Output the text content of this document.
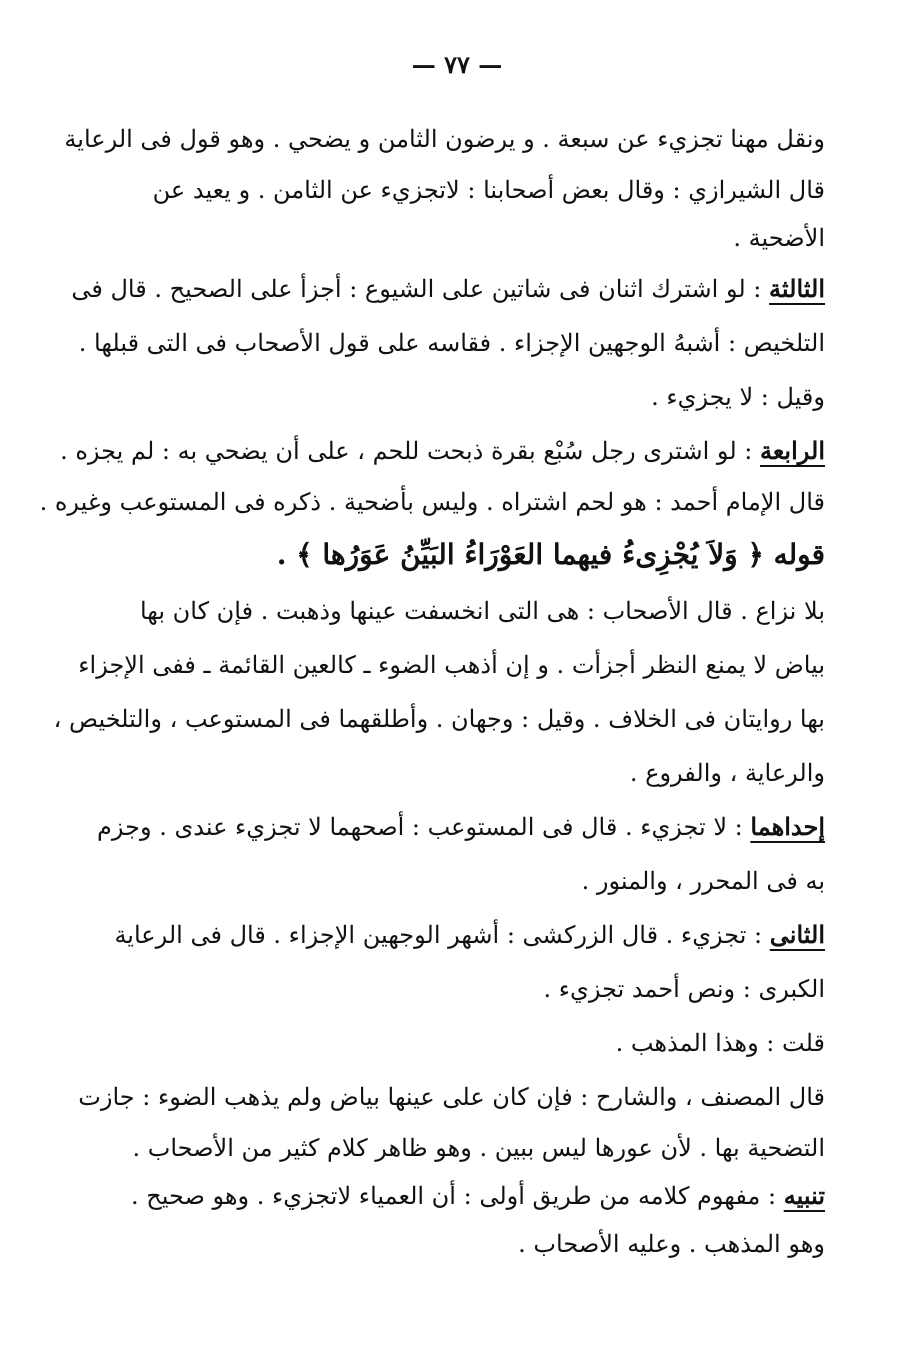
— ٧٧ —
ونقل مهنا تجزيء عن سبعة . و يرضون الثامن و يضحي . وهو قول فى الرعاية
قال الشيرازي : وقال بعض أصحابنا : لاتجزيء عن الثامن . و يعيد عن
الأضحية .
الثالثة : لو اشترك اثنان فى شاتين على الشيوع : أجزأ على الصحيح . قال فى
التلخيص : أشبهُ الوجهين الإجزاء . فقاسه على قول الأصحاب فى التى قبلها .
وقيل : لا يجزيء .
الرابعة : لو اشترى رجل سُبْع بقرة ذبحت للحم ، على أن يضحي به : لم يجزه .
قال الإمام أحمد : هو لحم اشتراه . وليس بأضحية . ذكره فى المستوعب وغيره .
قوله ﴿ وَلاَ يُجْزِىءُ فيهما العَوْرَاءُ البَيِّنُ عَوَرُها ﴾ .
بلا نزاع . قال الأصحاب : هى التى انخسفت عينها وذهبت . فإن كان بها
بياض لا يمنع النظر أجزأت . و إن أذهب الضوء ـ كالعين القائمة ـ ففى الإجزاء
بها روايتان فى الخلاف . وقيل : وجهان . وأطلقهما فى المستوعب ، والتلخيص ،
والرعاية ، والفروع .
إحداهما : لا تجزيء . قال فى المستوعب : أصحهما لا تجزيء عندى . وجزم
به فى المحرر ، والمنور .
الثانى : تجزيء . قال الزركشى : أشهر الوجهين الإجزاء . قال فى الرعاية
الكبرى : ونص أحمد تجزيء .
قلت : وهذا المذهب .
قال المصنف ، والشارح : فإن كان على عينها بياض ولم يذهب الضوء : جازت
التضحية بها . لأن عورها ليس ببين . وهو ظاهر كلام كثير من الأصحاب .
تنبيه : مفهوم كلامه من طريق أولى : أن العمياء لاتجزيء . وهو صحيح .
وهو المذهب . وعليه الأصحاب .
